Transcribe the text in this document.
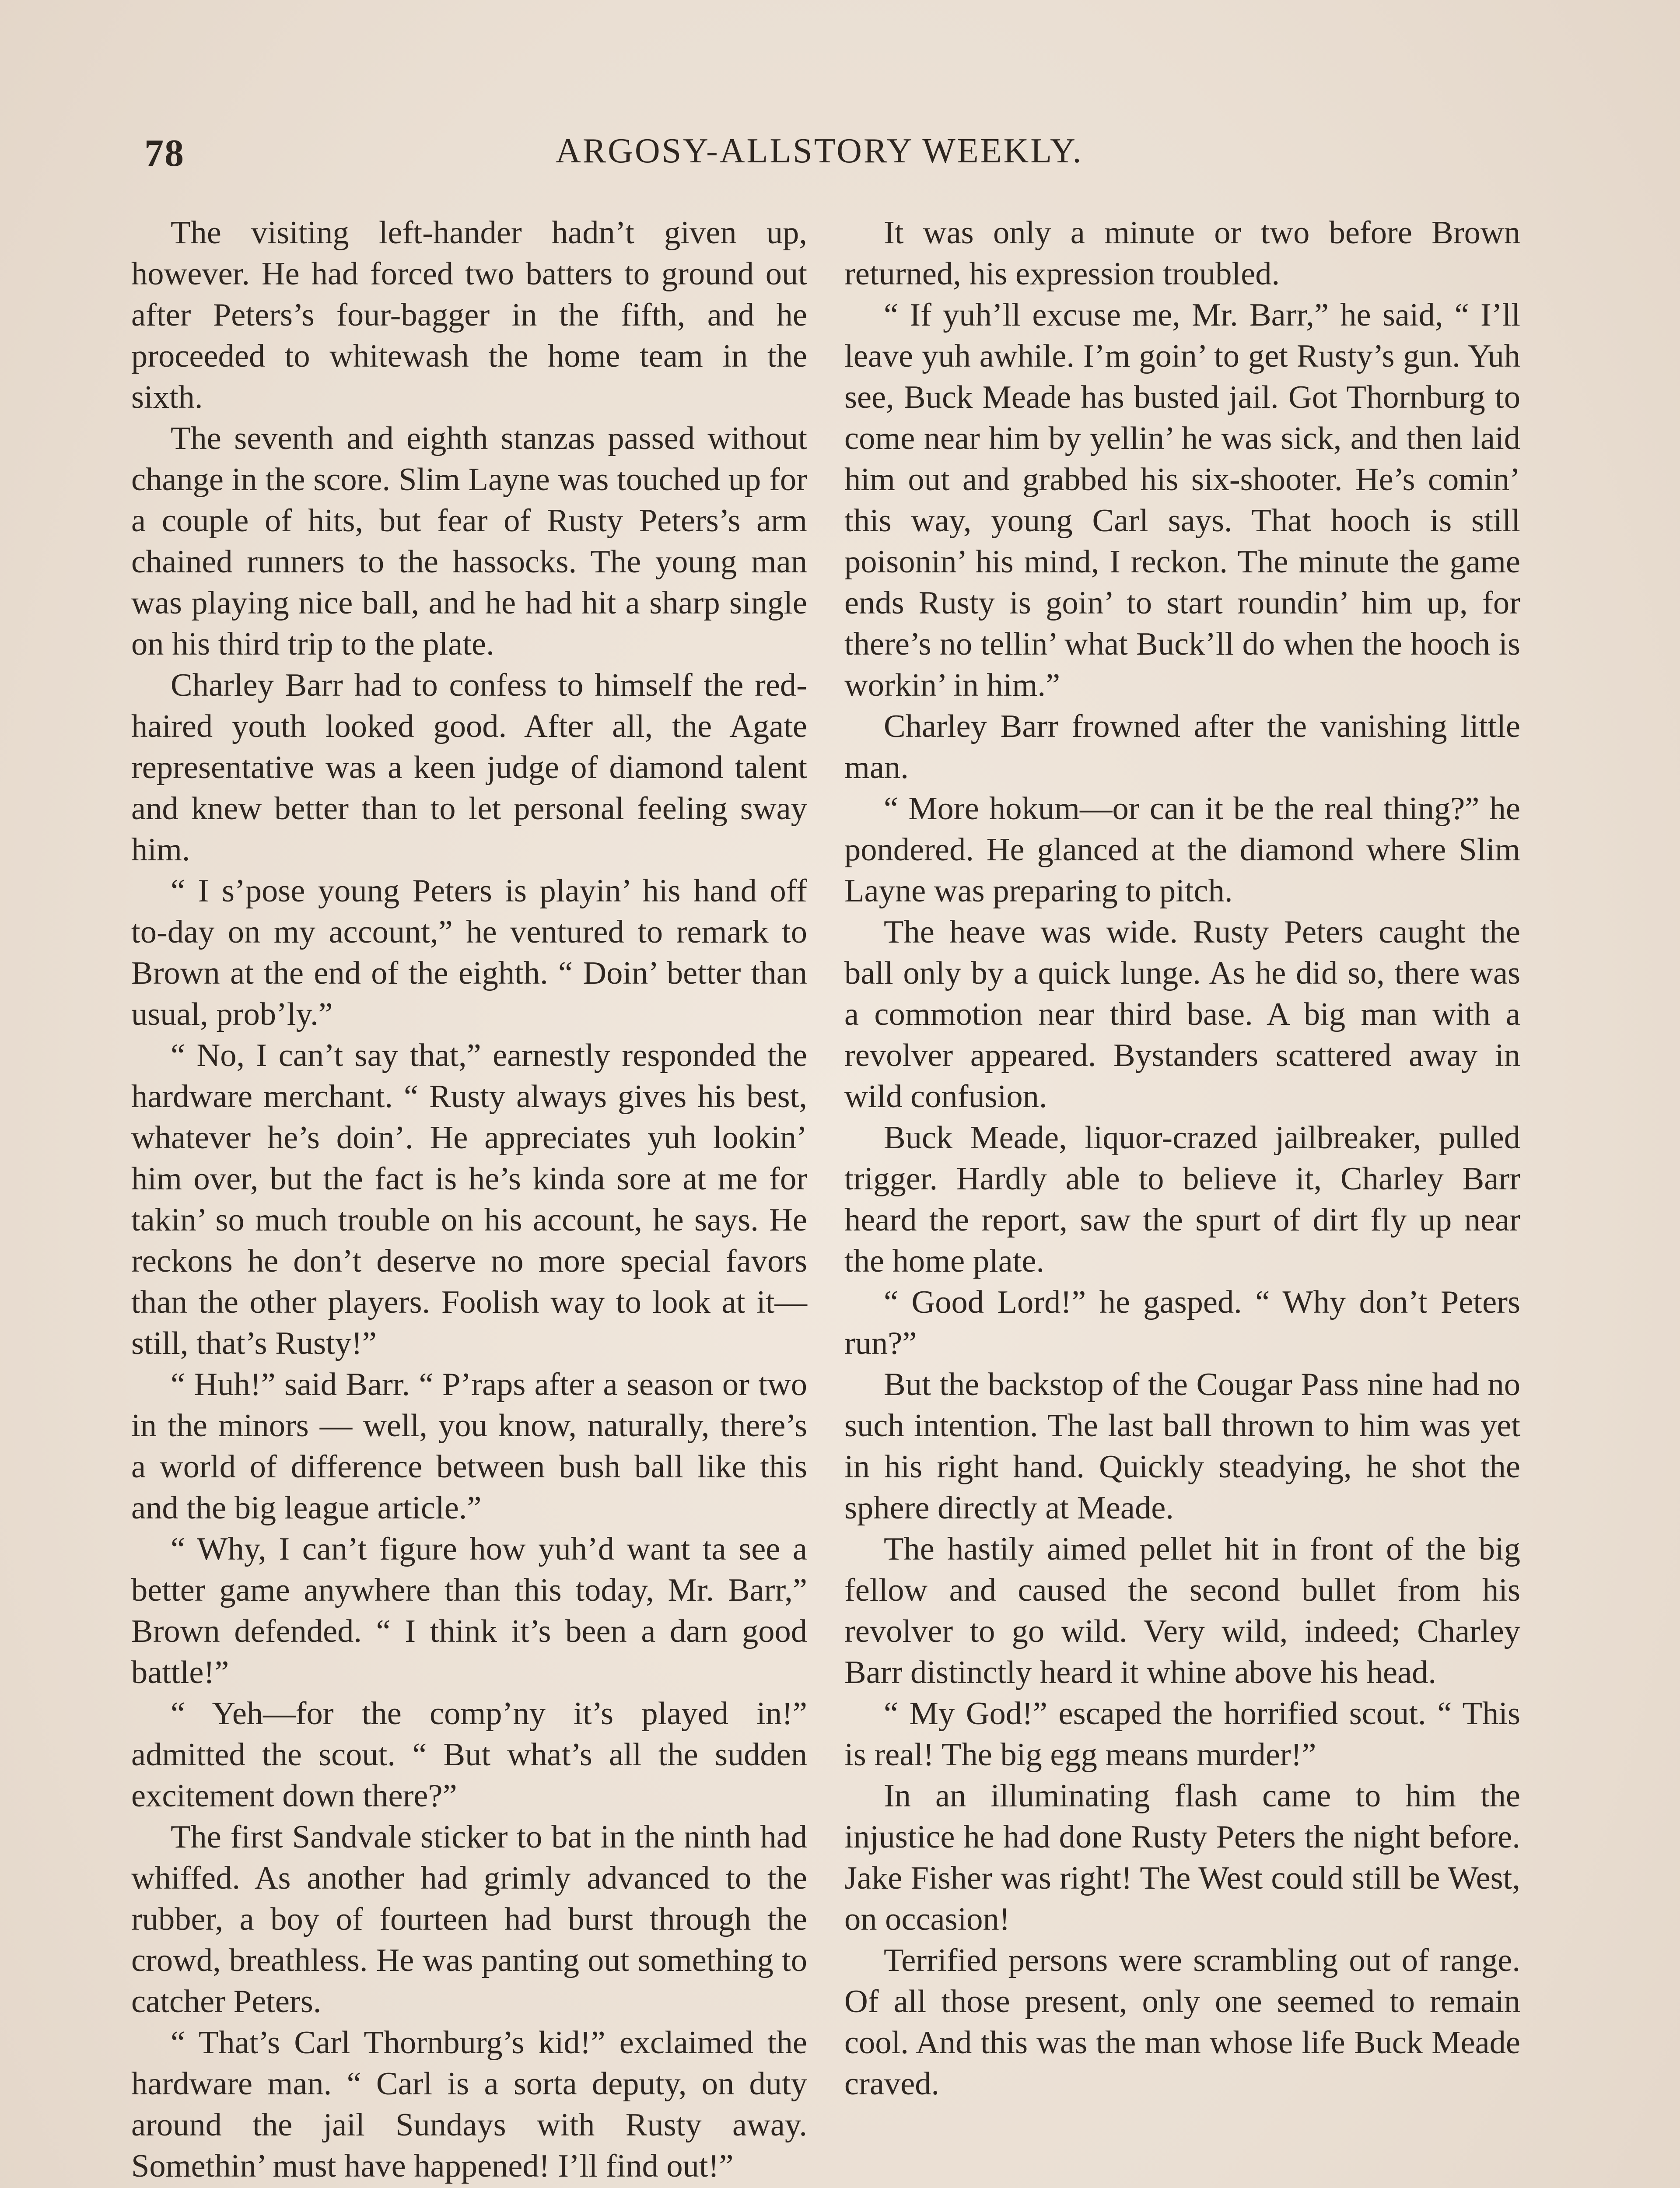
78	ARGOSY-ALLSTORY WEEKLY.

The visiting left-hander hadn’t given up, however. He had forced two batters to ground out after Peters’s four-bagger in the fifth, and he proceeded to whitewash the home team in the sixth.

The seventh and eighth stanzas passed without change in the score. Slim Layne was touched up for a couple of hits, but fear of Rusty Peters’s arm chained runners to the hassocks. The young man was playing nice ball, and he had hit a sharp single on his third trip to the plate.

Charley Barr had to confess to himself the red-haired youth looked good. After all, the Agate representative was a keen judge of diamond talent and knew better than to let personal feeling sway him.

“ I s’pose young Peters is playin’ his hand off to-day on my account,” he ventured to remark to Brown at the end of the eighth. “ Doin’ better than usual, prob’ly.”

“ No, I can’t say that,” earnestly responded the hardware merchant. “ Rusty always gives his best, whatever he’s doin’. He appreciates yuh lookin’ him over, but the fact is he’s kinda sore at me for takin’ so much trouble on his account, he says. He reckons he don’t deserve no more special favors than the other players. Foolish way to look at it—still, that’s Rusty!”

“ Huh!” said Barr. “ P’raps after a season or two in the minors — well, you know, naturally, there’s a world of difference between bush ball like this and the big league article.”

“ Why, I can’t figure how yuh’d want ta see a better game anywhere than this today, Mr. Barr,” Brown defended. “ I think it’s been a darn good battle!”

“ Yeh—for the comp’ny it’s played in!” admitted the scout. “ But what’s all the sudden excitement down there?”

The first Sandvale sticker to bat in the ninth had whiffed. As another had grimly advanced to the rubber, a boy of fourteen had burst through the crowd, breathless. He was panting out something to catcher Peters.

“ That’s Carl Thornburg’s kid!” exclaimed the hardware man. “ Carl is a sorta deputy, on duty around the jail Sundays with Rusty away. Somethin’ must have happened! I’ll find out!”

It was only a minute or two before Brown returned, his expression troubled.

“ If yuh’ll excuse me, Mr. Barr,” he said, “ I’ll leave yuh awhile. I’m goin’ to get Rusty’s gun. Yuh see, Buck Meade has busted jail. Got Thornburg to come near him by yellin’ he was sick, and then laid him out and grabbed his six-shooter. He’s comin’ this way, young Carl says. That hooch is still poisonin’ his mind, I reckon. The minute the game ends Rusty is goin’ to start roundin’ him up, for there’s no tellin’ what Buck’ll do when the hooch is workin’ in him.”

Charley Barr frowned after the vanishing little man.

“ More hokum—or can it be the real thing?” he pondered. He glanced at the diamond where Slim Layne was preparing to pitch.

The heave was wide. Rusty Peters caught the ball only by a quick lunge. As he did so, there was a commotion near third base. A big man with a revolver appeared. Bystanders scattered away in wild confusion.

Buck Meade, liquor-crazed jailbreaker, pulled trigger. Hardly able to believe it, Charley Barr heard the report, saw the spurt of dirt fly up near the home plate.

“ Good Lord!” he gasped. “ Why don’t Peters run?”

But the backstop of the Cougar Pass nine had no such intention. The last ball thrown to him was yet in his right hand. Quickly steadying, he shot the sphere directly at Meade.

The hastily aimed pellet hit in front of the big fellow and caused the second bullet from his revolver to go wild. Very wild, indeed; Charley Barr distinctly heard it whine above his head.

“ My God!” escaped the horrified scout. “ This is real! The big egg means murder!”

In an illuminating flash came to him the injustice he had done Rusty Peters the night before. Jake Fisher was right! The West could still be West, on occasion!

Terrified persons were scrambling out of range. Of all those present, only one seemed to remain cool. And this was the man whose life Buck Meade craved.
